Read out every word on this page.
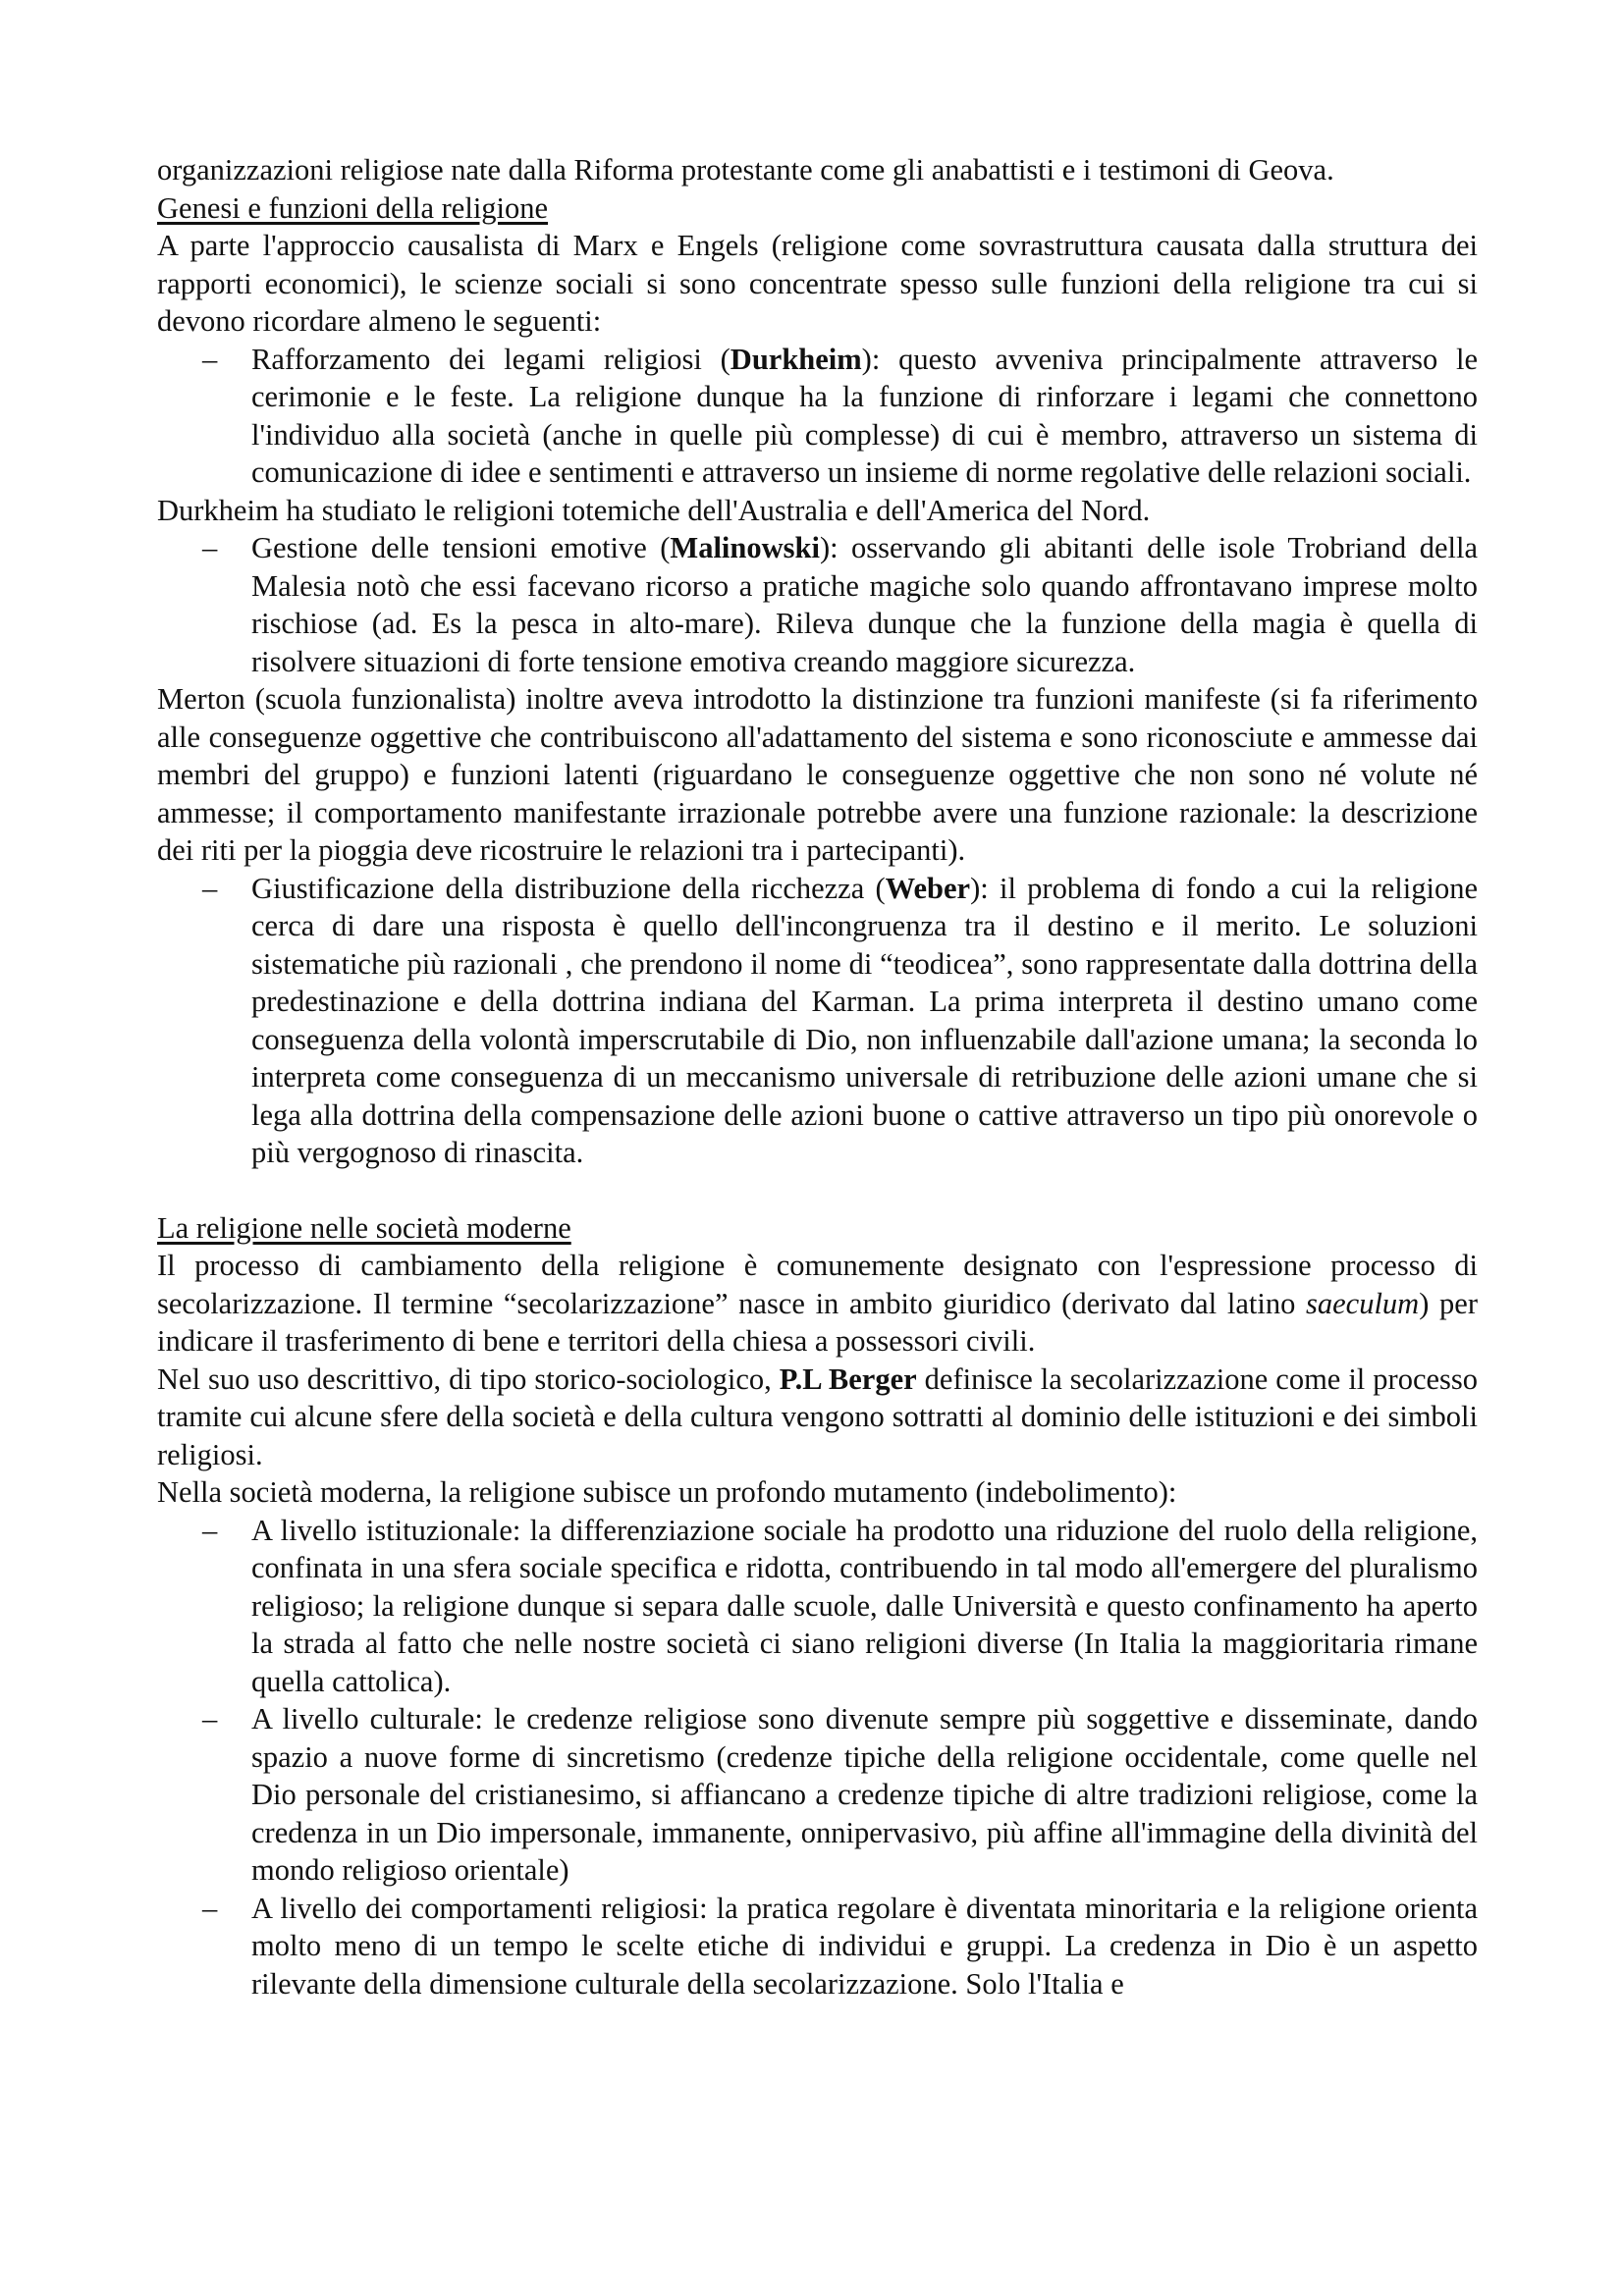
organizzazioni religiose nate dalla Riforma protestante come gli anabattisti e i testimoni di Geova.

Genesi e funzioni della religione

A parte l'approccio causalista di Marx e Engels (religione come sovrastruttura causata dalla struttura dei rapporti economici), le scienze sociali si sono concentrate spesso sulle funzioni della religione tra cui si devono ricordare almeno le seguenti:

– Rafforzamento dei legami religiosi (Durkheim): questo avveniva principalmente attraverso le cerimonie e le feste. La religione dunque ha la funzione di rinforzare i legami che connettono l'individuo alla società (anche in quelle più complesse) di cui è membro, attraverso un sistema di comunicazione di idee e sentimenti e attraverso un insieme di norme regolative delle relazioni sociali.

Durkheim ha studiato le religioni totemiche dell'Australia e dell'America del Nord.

– Gestione delle tensioni emotive (Malinowski): osservando gli abitanti delle isole Trobriand della Malesia notò che essi facevano ricorso a pratiche magiche solo quando affrontavano imprese molto rischiose (ad. Es la pesca in alto-mare). Rileva dunque che la funzione della magia è quella di risolvere situazioni di forte tensione emotiva creando maggiore sicurezza.

Merton (scuola funzionalista) inoltre aveva introdotto la distinzione tra funzioni manifeste (si fa riferimento alle conseguenze oggettive che contribuiscono all'adattamento del sistema e sono riconosciute e ammesse dai membri del gruppo) e funzioni latenti (riguardano le conseguenze oggettive che non sono né volute né ammesse; il comportamento manifestante irrazionale potrebbe avere una funzione razionale: la descrizione dei riti per la pioggia deve ricostruire le relazioni tra i partecipanti).

– Giustificazione della distribuzione della ricchezza (Weber): il problema di fondo a cui la religione cerca di dare una risposta è quello dell'incongruenza tra il destino e il merito. Le soluzioni sistematiche più razionali , che prendono il nome di “teodicea”, sono rappresentate dalla dottrina della predestinazione e della dottrina indiana del Karman. La prima interpreta il destino umano come conseguenza della volontà imperscrutabile di Dio, non influenzabile dall'azione umana; la seconda lo interpreta come conseguenza di un meccanismo universale di retribuzione delle azioni umane che si lega alla dottrina della compensazione delle azioni buone o cattive attraverso un tipo più onorevole o più vergognoso di rinascita.
La religione nelle società moderne

Il processo di cambiamento della religione è comunemente designato con l'espressione processo di secolarizzazione. Il termine “secolarizzazione” nasce in ambito giuridico (derivato dal latino saeculum) per indicare il trasferimento di bene e territori della chiesa a possessori civili.

Nel suo uso descrittivo, di tipo storico-sociologico, P.L Berger definisce la secolarizzazione come il processo tramite cui alcune sfere della società e della cultura vengono sottratti al dominio delle istituzioni e dei simboli religiosi.

Nella società moderna, la religione subisce un profondo mutamento (indebolimento):

– A livello istituzionale: la differenziazione sociale ha prodotto una riduzione del ruolo della religione, confinata in una sfera sociale specifica e ridotta, contribuendo in tal modo all'emergere del pluralismo religioso; la religione dunque si separa dalle scuole, dalle Università e questo confinamento ha aperto la strada al fatto che nelle nostre società ci siano religioni diverse (In Italia la maggioritaria rimane quella cattolica).
– A livello culturale: le credenze religiose sono divenute sempre più soggettive e disseminate, dando spazio a nuove forme di sincretismo (credenze tipiche della religione occidentale, come quelle nel Dio personale del cristianesimo, si affiancano a credenze tipiche di altre tradizioni religiose, come la credenza in un Dio impersonale, immanente, onnipervasivo, più affine all'immagine della divinità del mondo religioso orientale)
– A livello dei comportamenti religiosi: la pratica regolare è diventata minoritaria e la religione orienta molto meno di un tempo le scelte etiche di individui e gruppi. La credenza in Dio è un aspetto rilevante della dimensione culturale della secolarizzazione. Solo l'Italia e
